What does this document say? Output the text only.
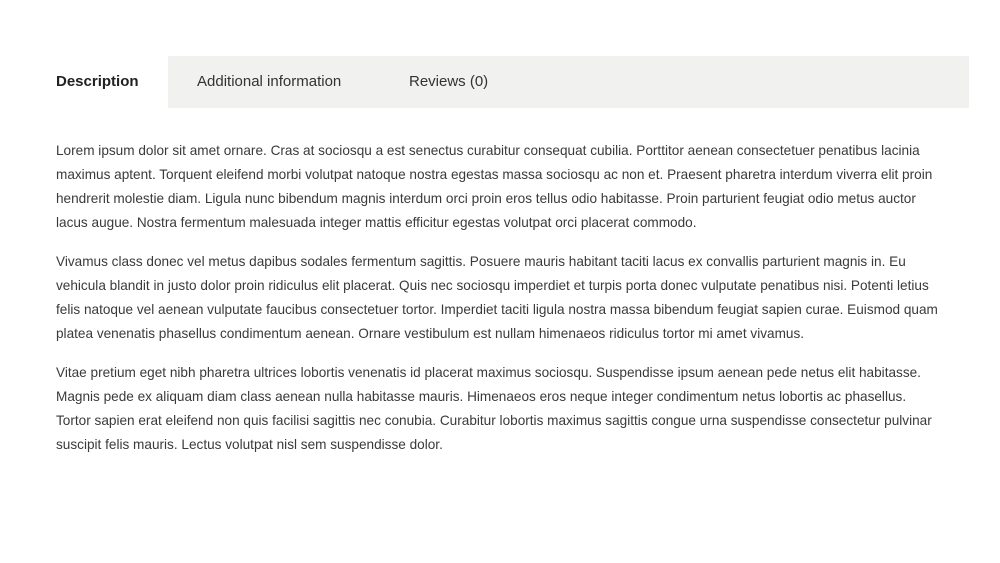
Description	Additional information	Reviews (0)

Lorem ipsum dolor sit amet ornare. Cras at sociosqu a est senectus curabitur consequat cubilia. Porttitor aenean consectetuer penatibus lacinia maximus aptent. Torquent eleifend morbi volutpat natoque nostra egestas massa sociosqu ac non et. Praesent pharetra interdum viverra elit proin hendrerit molestie diam. Ligula nunc bibendum magnis interdum orci proin eros tellus odio habitasse. Proin parturient feugiat odio metus auctor lacus augue. Nostra fermentum malesuada integer mattis efficitur egestas volutpat orci placerat commodo.

Vivamus class donec vel metus dapibus sodales fermentum sagittis. Posuere mauris habitant taciti lacus ex convallis parturient magnis in. Eu vehicula blandit in justo dolor proin ridiculus elit placerat. Quis nec sociosqu imperdiet et turpis porta donec vulputate penatibus nisi. Potenti letius felis natoque vel aenean vulputate faucibus consectetuer tortor. Imperdiet taciti ligula nostra massa bibendum feugiat sapien curae. Euismod quam platea venenatis phasellus condimentum aenean. Ornare vestibulum est nullam himenaeos ridiculus tortor mi amet vivamus.

Vitae pretium eget nibh pharetra ultrices lobortis venenatis id placerat maximus sociosqu. Suspendisse ipsum aenean pede netus elit habitasse. Magnis pede ex aliquam diam class aenean nulla habitasse mauris. Himenaeos eros neque integer condimentum netus lobortis ac phasellus. Tortor sapien erat eleifend non quis facilisi sagittis nec conubia. Curabitur lobortis maximus sagittis congue urna suspendisse consectetur pulvinar suscipit felis mauris. Lectus volutpat nisl sem suspendisse dolor.
